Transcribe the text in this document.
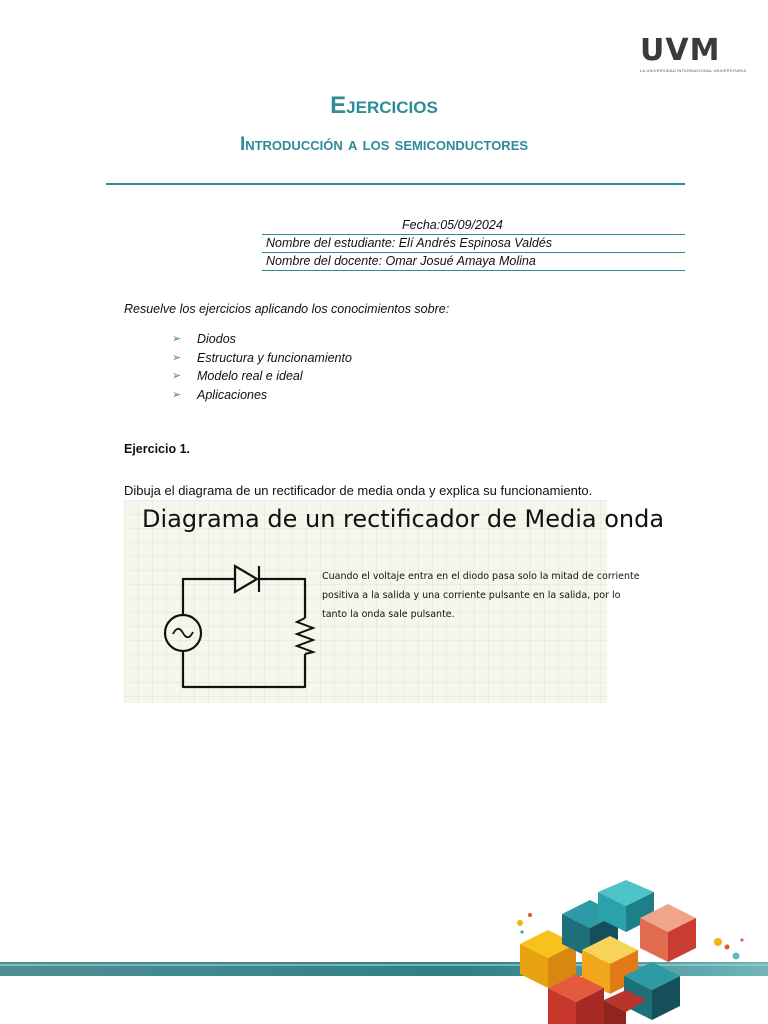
UVM
LA UNIVERSIDAD INTERNACIONAL UNIVERSITARIA
Ejercicios
Introducción a los semiconductores
Fecha:05/09/2024
Nombre del estudiante: Elí Andrés Espinosa Valdés
Nombre del docente: Omar Josué Amaya Molina
Resuelve los ejercicios aplicando los conocimientos sobre:
➢ Diodos
➢ Estructura y funcionamiento
➢ Modelo real e ideal
➢ Aplicaciones
Ejercicio 1.
Dibuja el diagrama de un rectificador de media onda y explica su funcionamiento.
Diagrama de un rectificador de Media onda
Cuando el voltaje entra en el diodo pasa solo la mitad de corriente positiva a la salida y una corriente pulsante en la salida, por lo tanto la onda sale pulsante.
